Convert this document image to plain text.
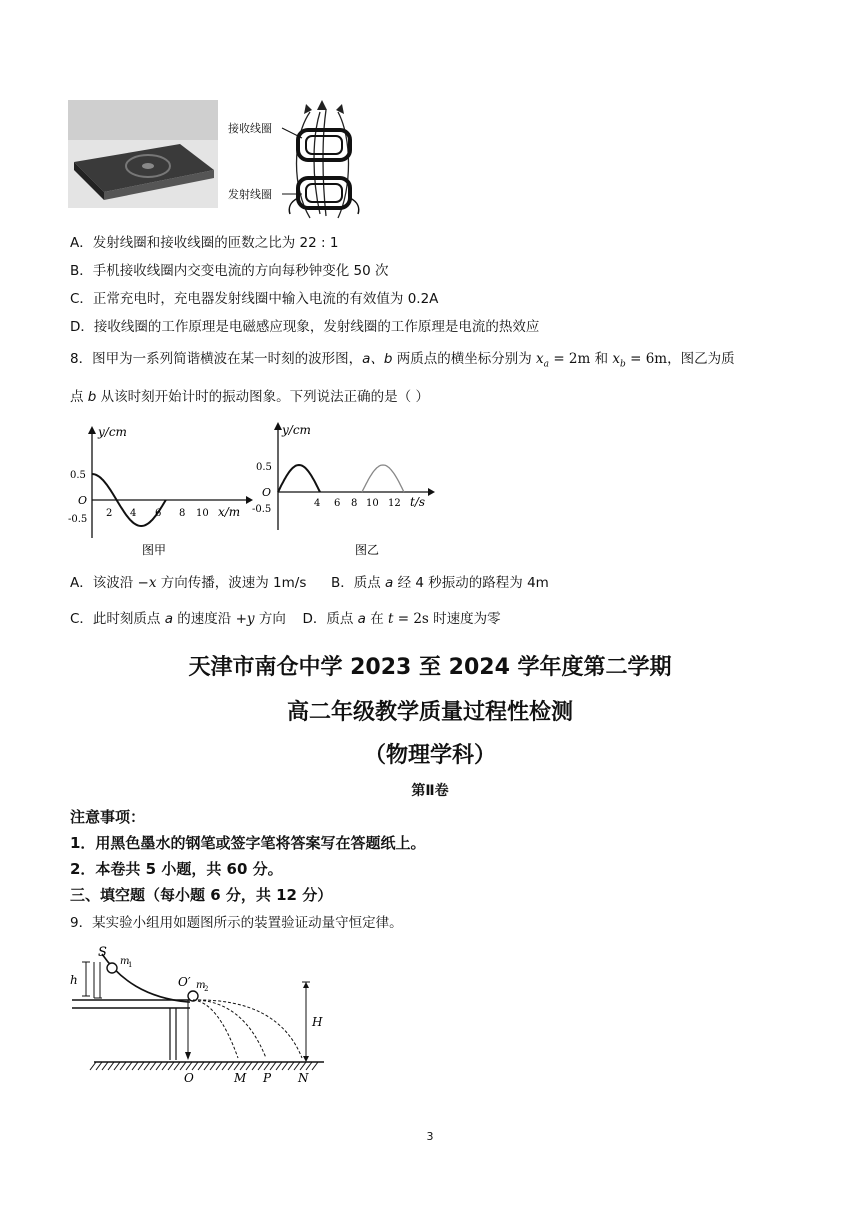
接收线圈
发射线圈
A．发射线圈和接收线圈的匝数之比为 22 : 1
B．手机接收线圈内交变电流的方向每秒钟变化 50 次
C．正常充电时，充电器发射线圈中输入电流的有效值为 0.2A
D．接收线圈的工作原理是电磁感应现象，发射线圈的工作原理是电流的热效应
8．图甲为一系列简谐横波在某一时刻的波形图，a、b 两质点的横坐标分别为 $x_a = 2m$ 和 $x_b = 6m$，图乙为质
点 b 从该时刻开始计时的振动图象。下列说法正确的是（ ）
y/cm
0.5
O
-0.5
2 4 6 8 10 x/m
图甲
y/cm
0.5
O
-0.5
4 6 8 10 12 t/s
图乙
A．该波沿 −x 方向传播，波速为 1m/s B．质点 a 经 4 秒振动的路程为 4m
C．此时刻质点 a 的速度沿 +y 方向 D．质点 a 在 t = 2s 时速度为零
天津市南仓中学 2023 至 2024 学年度第二学期
高二年级教学质量过程性检测
（物理学科）
第Ⅱ卷
注意事项：
1．用黑色墨水的钢笔或签字笔将答案写在答题纸上。
2．本卷共 5 小题，共 60 分。
三、填空题（每小题 6 分，共 12 分）
9．某实验小组用如题图所示的装置验证动量守恒定律。
h
S
m
1
O′ m
2
H
O	M P N
3
